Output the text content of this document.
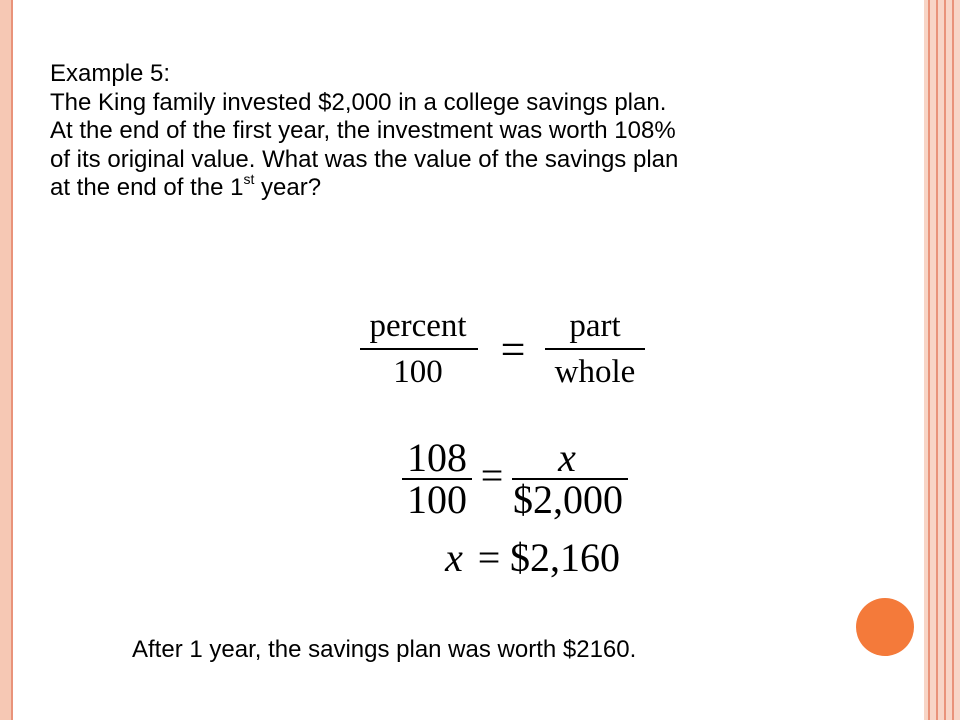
Example 5:

The King family invested $2,000 in a college savings plan.

At the end of the first year, the investment was worth 108%

of its original value. What was the value of the savings plan

at the end of the 1st year?

percent
100 = part
whole
108
100
= x
$2,000
x = $2,160
After 1 year, the savings plan was worth $2160.
